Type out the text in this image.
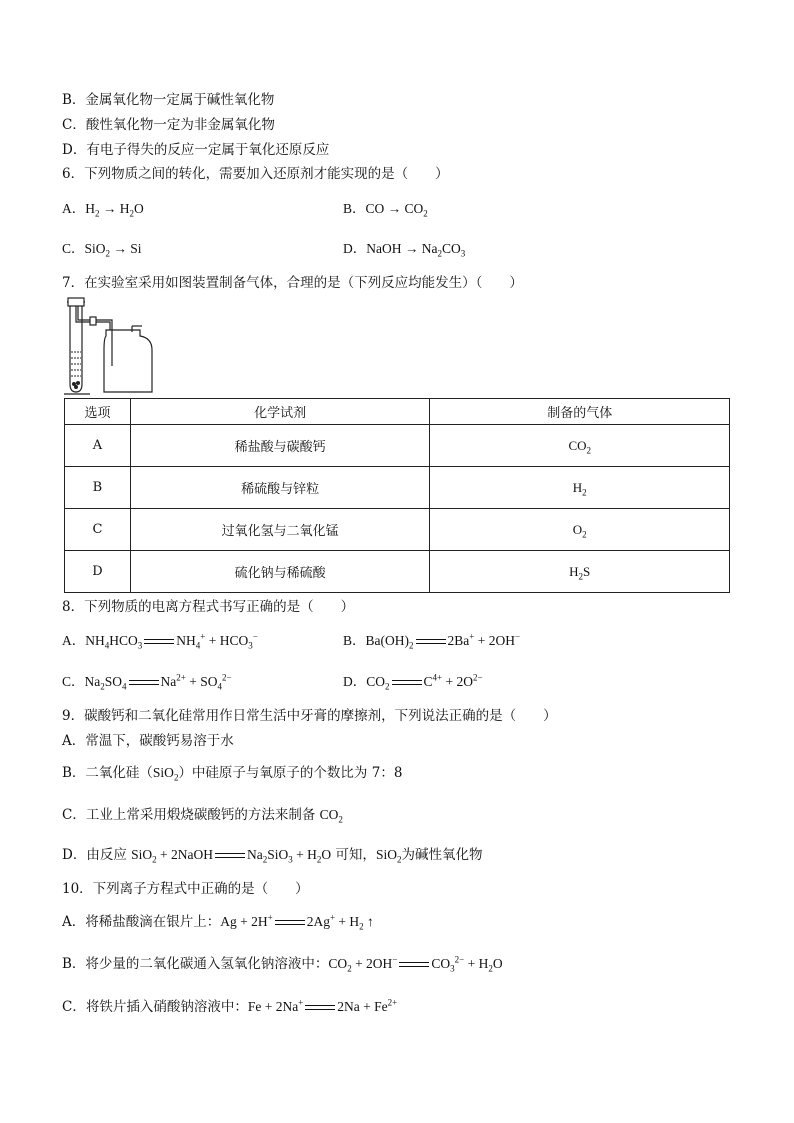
B．金属氧化物一定属于碱性氧化物
C．酸性氧化物一定为非金属氧化物
D．有电子得失的反应一定属于氧化还原反应
6．下列物质之间的转化，需要加入还原剂才能实现的是（　　）
A．$H_2 \to H_2O$	B．CO → $CO_2$
C．SiO$_2$ → Si	D．NaOH → $Na_2CO_3$
7．在实验室采用如图装置制备气体，合理的是（下列反应均能发生）（　　）
选项	化学试剂	制备的气体
A	稀盐酸与碳酸钙	$CO_2$
B	稀硫酸与锌粒	$H_2$
C	过氧化氢与二氧化锰	$O_2$
D	硫化钠与稀硫酸	$H_2S$
8．下列物质的电离方程式书写正确的是（　　）
A．$NH_4HCO_3$	$NH_4^+ + HCO_3^-$	B．$Ba(OH)_2$	2Ba+ + 2OH−
C．$Na_2SO_4$	$Na^{2+} + SO_4^{2-}$	D．$CO_2$	$C^{4+} + 2O^{2-}$
9．碳酸钙和二氧化硅常用作日常生活中牙膏的摩擦剂，下列说法正确的是（　　）
A．常温下，碳酸钙易溶于水
B．二氧化硅（SiO$_2$）中硅原子与氧原子的个数比为 7：8
C．工业上常采用煅烧碳酸钙的方法来制备 $CO_2$
D．由反应 SiO$_2$ + 2NaOH	$Na_2SiO_3 + H_2O$ 可知，SiO$_2$为碱性氧化物
10．下列离子方程式中正确的是（　　）
A．将稀盐酸滴在银片上：Ag + 2H+	$2Ag^+ + H_2$ ↑
B．将少量的二氧化碳通入氢氧化钠溶液中：$CO_2 + 2OH^-$	$CO_3^{2-} + H_2O$
C．将铁片插入硝酸钠溶液中：Fe + 2Na+	$2Na + Fe^{2+}$
